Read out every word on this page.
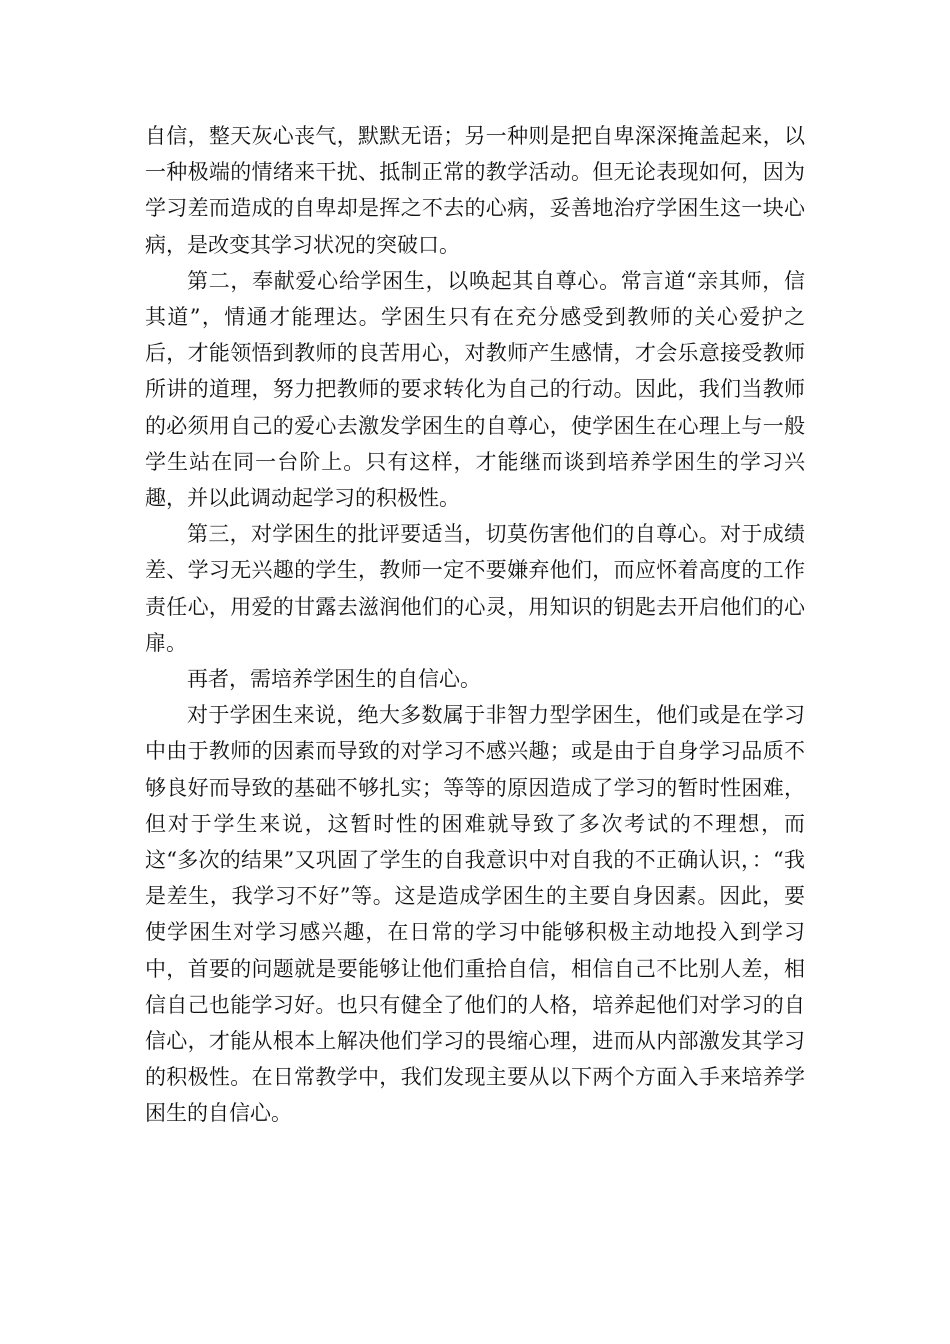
自信，整天灰心丧气，默默无语；另一种则是把自卑深深掩盖起来，以一种极端的情绪来干扰、抵制正常的教学活动。但无论表现如何，因为学习差而造成的自卑却是挥之不去的心病，妥善地治疗学困生这一块心病，是改变其学习状况的突破口。

第二，奉献爱心给学困生，以唤起其自尊心。常言道“亲其师，信其道”，情通才能理达。学困生只有在充分感受到教师的关心爱护之后，才能领悟到教师的良苦用心，对教师产生感情，才会乐意接受教师所讲的道理，努力把教师的要求转化为自己的行动。因此，我们当教师的必须用自己的爱心去激发学困生的自尊心，使学困生在心理上与一般学生站在同一台阶上。只有这样，才能继而谈到培养学困生的学习兴趣，并以此调动起学习的积极性。

第三，对学困生的批评要适当，切莫伤害他们的自尊心。对于成绩差、学习无兴趣的学生，教师一定不要嫌弃他们，而应怀着高度的工作责任心，用爱的甘露去滋润他们的心灵，用知识的钥匙去开启他们的心扉。

再者，需培养学困生的自信心。

对于学困生来说，绝大多数属于非智力型学困生，他们或是在学习中由于教师的因素而导致的对学习不感兴趣；或是由于自身学习品质不够良好而导致的基础不够扎实；等等的原因造成了学习的暂时性困难，但对于学生来说，这暂时性的困难就导致了多次考试的不理想，而这“多次的结果”又巩固了学生的自我意识中对自我的不正确认识，：“我是差生，我学习不好”等。这是造成学困生的主要自身因素。因此，要使学困生对学习感兴趣，在日常的学习中能够积极主动地投入到学习中，首要的问题就是要能够让他们重拾自信，相信自己不比别人差，相信自己也能学习好。也只有健全了他们的人格，培养起他们对学习的自信心，才能从根本上解决他们学习的畏缩心理，进而从内部激发其学习的积极性。在日常教学中，我们发现主要从以下两个方面入手来培养学困生的自信心。
